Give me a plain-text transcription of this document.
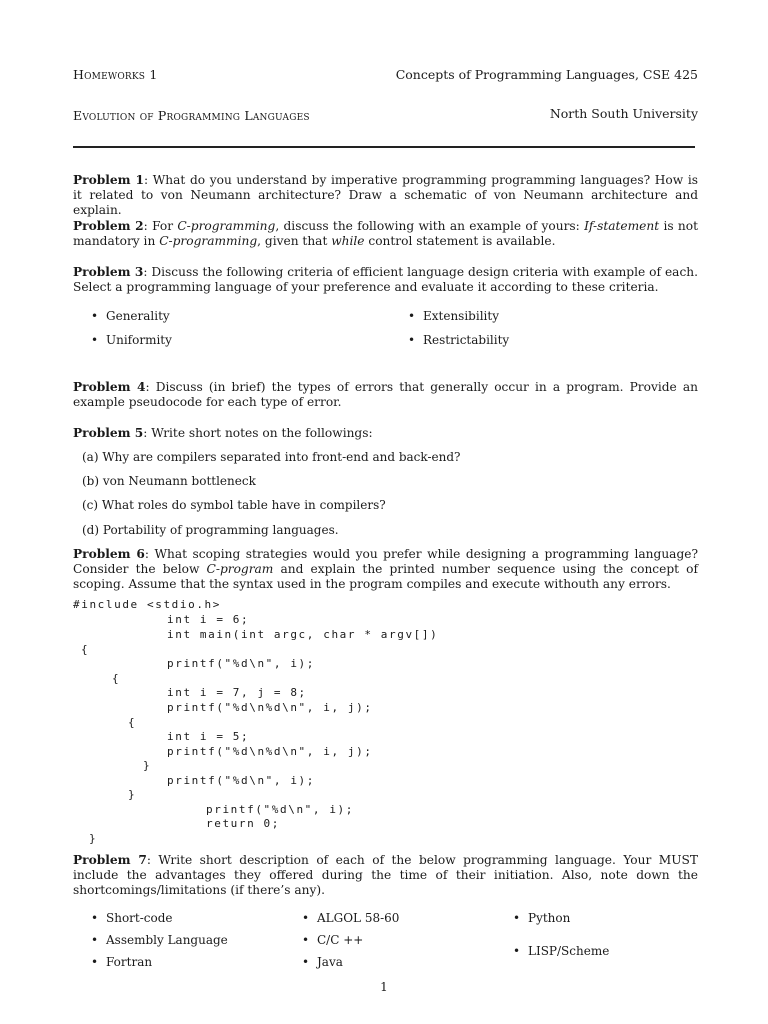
Homeworks 1	Concepts of Programming Languages, CSE 425
Evolution of Programming Languages	North South University
Problem 1: What do you understand by imperative programming programming languages? How is it related to von Neumann architecture? Draw a schematic of von Neumann architecture and explain.
Problem 2: For C-programming, discuss the following with an example of yours: If-statement is not mandatory in C-programming, given that while control statement is available.
Problem 3: Discuss the following criteria of efficient language design criteria with example of each. Select a programming language of your preference and evaluate it according to these criteria.
• Generality	• Extensibility
• Uniformity	• Restrictability
Problem 4: Discuss (in brief) the types of errors that generally occur in a program. Provide an example pseudocode for each type of error.
Problem 5: Write short notes on the followings:
(a) Why are compilers separated into front-end and back-end?
(b) von Neumann bottleneck
(c) What roles do symbol table have in compilers?
(d) Portability of programming languages.
Problem 6: What scoping strategies would you prefer while designing a programming language? Consider the below C-program and explain the printed number sequence using the concept of scoping. Assume that the syntax used in the program compiles and execute withouth any errors.
#include <stdio.h>
int i = 6;
int main(int argc, char * argv[])
{
printf("%d\n", i);
{
int i = 7, j = 8;
printf("%d\n%d\n", i, j);
{
int i = 5;
printf("%d\n%d\n", i, j);
}
printf("%d\n", i);
}
printf("%d\n", i);
return 0;
}
Problem 7: Write short description of each of the below programming language. Your MUST include the advantages they offered during the time of their initiation. Also, note down the shortcomings/limitations (if there’s any).
• Short-code	• ALGOL 58-60	• Python
• Assembly Language	• C/C ++
• LISP/Scheme
• Fortran	• Java
1
